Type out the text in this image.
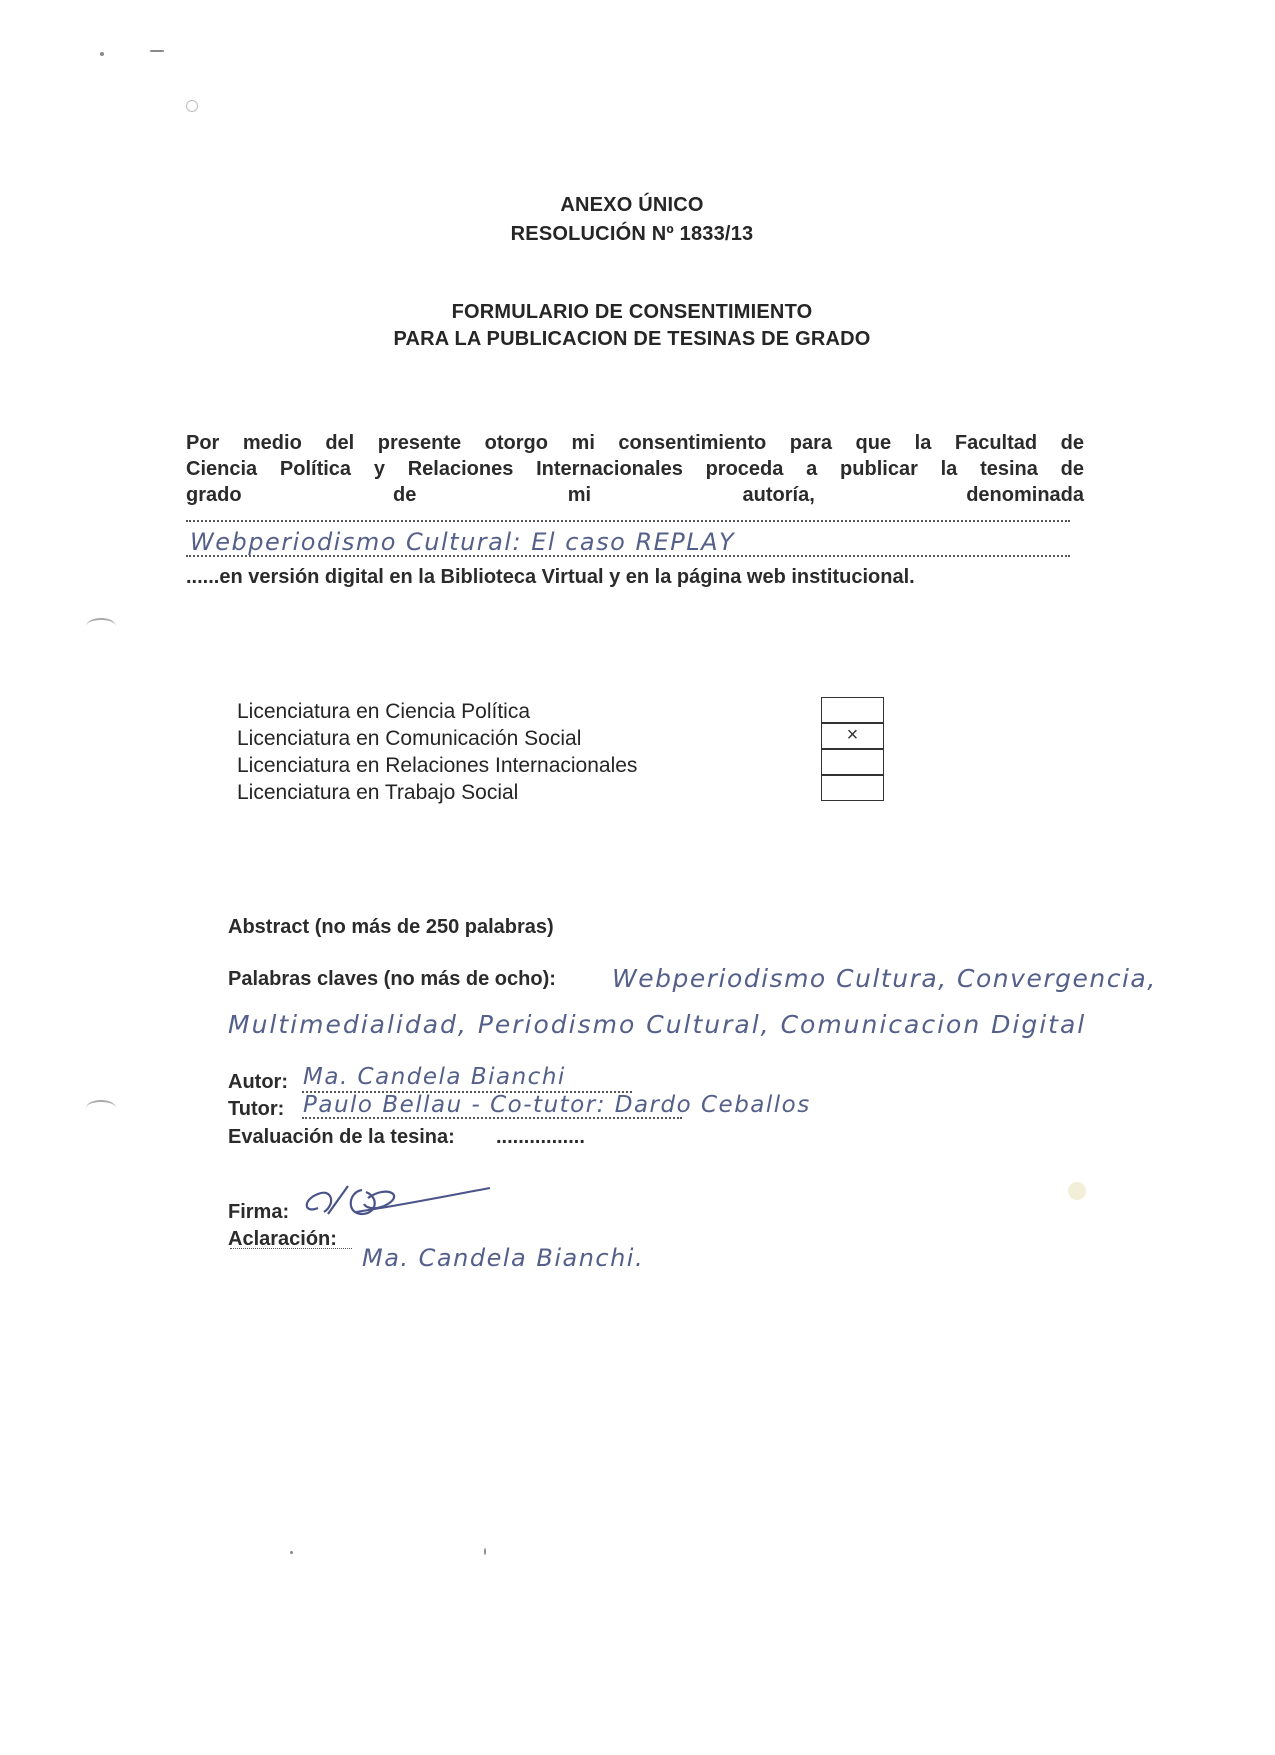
ANEXO ÚNICO
RESOLUCIÓN Nº 1833/13
FORMULARIO DE CONSENTIMIENTO
PARA LA PUBLICACION DE TESINAS DE GRADO
Por medio del presente otorgo mi consentimiento para que la Facultad de
Ciencia Política y Relaciones Internacionales proceda a publicar la tesina de
grado de mi autoría, denominada
Webperiodismo Cultural: El caso REPLAY
......en versión digital en la Biblioteca Virtual y en la página web institucional.
Licenciatura en Ciencia Política
Licenciatura en Comunicación Social
Licenciatura en Relaciones Internacionales
Licenciatura en Trabajo Social
×
Abstract (no más de 250 palabras)
Palabras claves (no más de ocho): Webperiodismo Cultura, Convergencia,
Multimedialidad, Periodismo Cultural, Comunicacion Digital
Autor: Ma. Candela Bianchi
Tutor: Paulo Bellau - Co-tutor: Dardo Ceballos
Evaluación de la tesina: ................
Firma:
Aclaración:
Ma. Candela Bianchi.
